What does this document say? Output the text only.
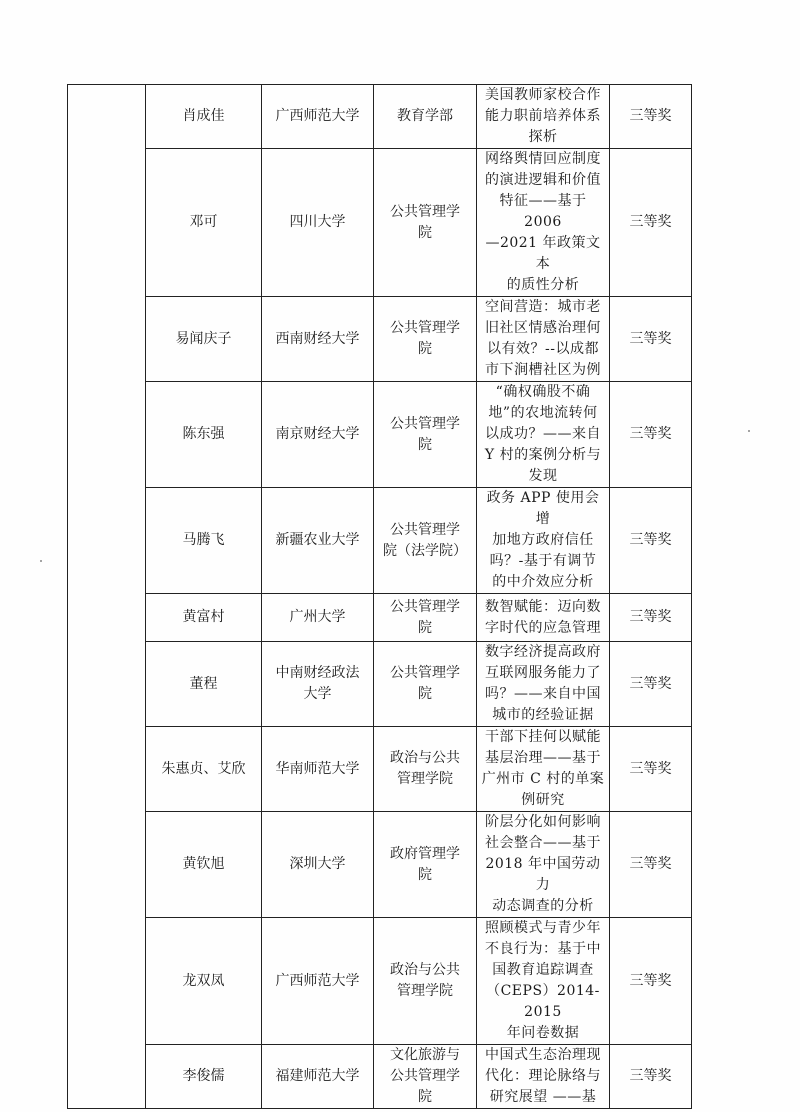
	肖成佳	广西师范大学	教育学部	美国教师家校合作
能力职前培养体系
探析	三等奖

	邓可	四川大学	公共管理学
院	网络舆情回应制度
的演进逻辑和价值
特征——基于 2006
—2021 年政策文本
的质性分析	三等奖

	易闻庆子	西南财经大学	公共管理学
院	空间营造：城市老
旧社区情感治理何
以有效？--以成都
市下涧槽社区为例	三等奖

	陈东强	南京财经大学	公共管理学
院	“确权确股不确
地”的农地流转何
以成功？——来自
Y 村的案例分析与
发现	三等奖

	马腾飞	新疆农业大学	公共管理学
院（法学院）	政务 APP 使用会增
加地方政府信任
吗？-基于有调节
的中介效应分析	三等奖

	黄富村	广州大学	公共管理学
院	数智赋能：迈向数
字时代的应急管理	三等奖

	董程	中南财经政法
大学	公共管理学
院	数字经济提高政府
互联网服务能力了
吗？——来自中国
城市的经验证据	三等奖

	朱惠贞、艾欣	华南师范大学	政治与公共
管理学院	干部下挂何以赋能
基层治理——基于
广州市 C 村的单案
例研究	三等奖

	黄钦旭	深圳大学	政府管理学
院	阶层分化如何影响
社会整合——基于
2018 年中国劳动力
动态调查的分析	三等奖

	龙双凤	广西师范大学	政治与公共
管理学院	照顾模式与青少年
不良行为：基于中
国教育追踪调查
（CEPS）2014-2015
年问卷数据	三等奖

	李俊儒	福建师范大学	文化旅游与
公共管理学
院	中国式生态治理现
代化：理论脉络与
研究展望 ——基	三等奖
